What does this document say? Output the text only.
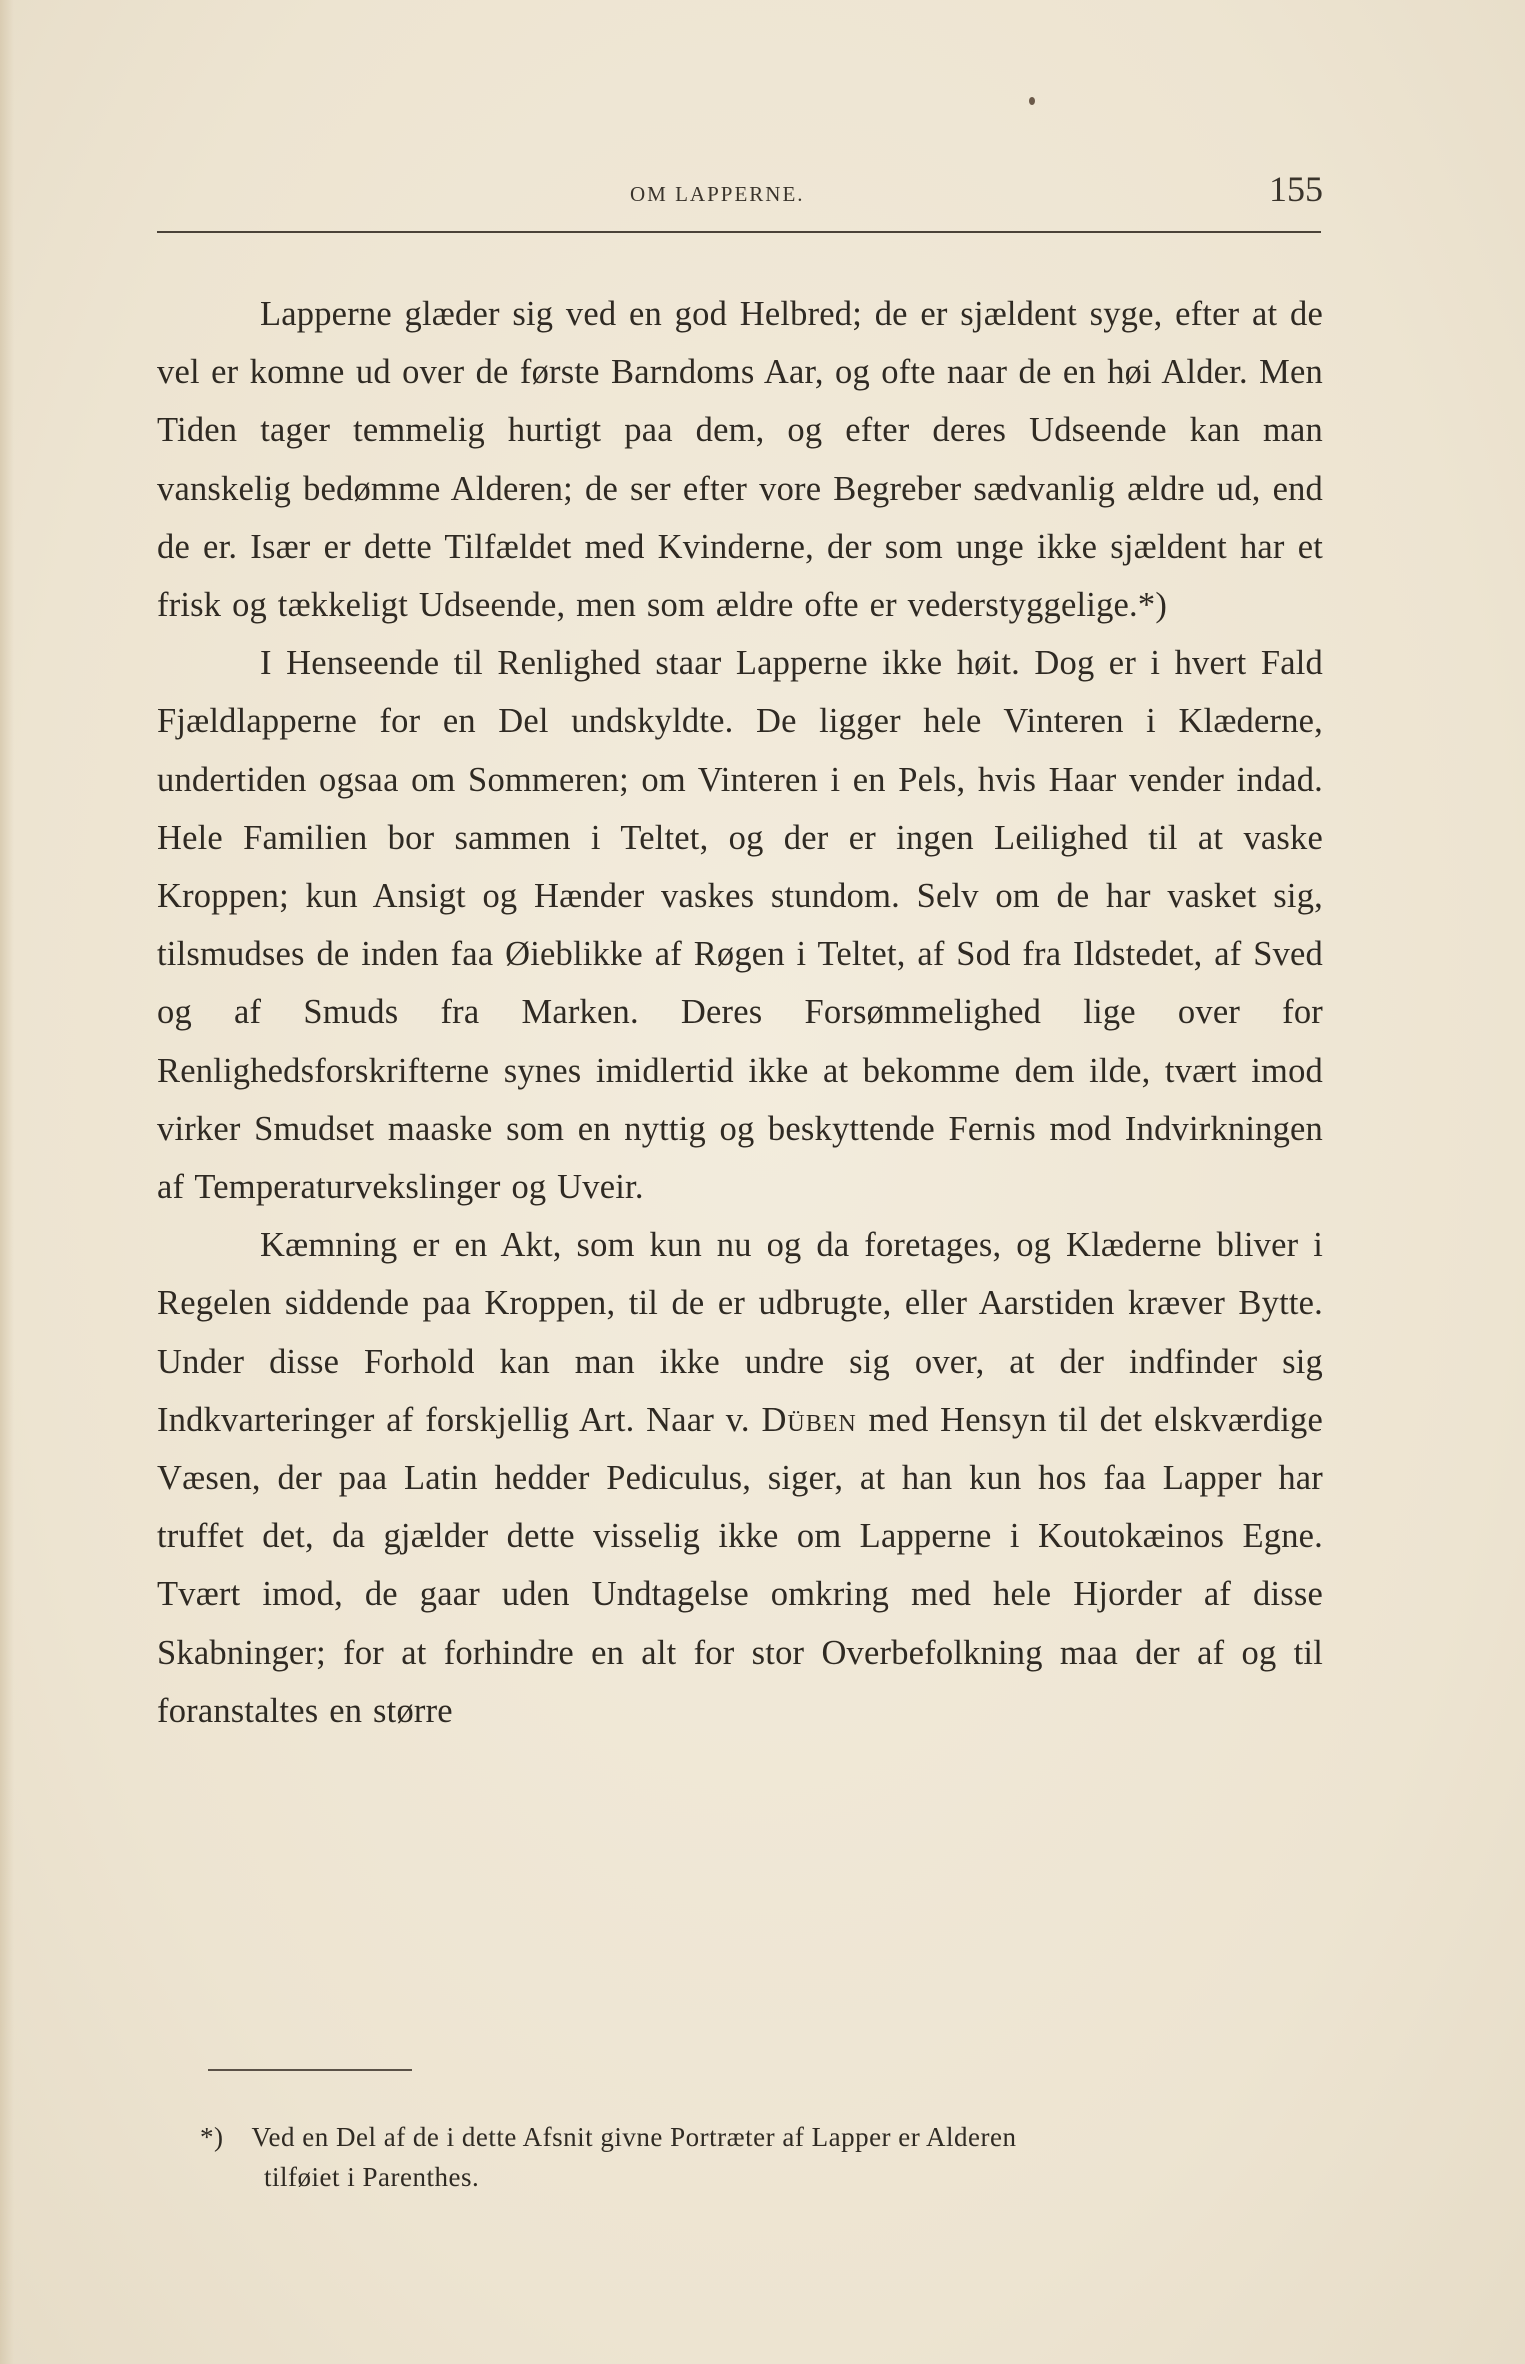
OM LAPPERNE.	155

Lapperne glæder sig ved en god Helbred; de er sjældent syge, efter at de vel er komne ud over de første Barndoms Aar, og ofte naar de en høi Alder. Men Tiden tager temmelig hurtigt paa dem, og efter deres Udseende kan man vanskelig bedømme Alderen; de ser efter vore Begreber sædvanlig ældre ud, end de er. Især er dette Tilfældet med Kvinderne, der som unge ikke sjældent har et frisk og tækkeligt Udseende, men som ældre ofte er vederstyggelige.*)

I Henseende til Renlighed staar Lapperne ikke høit. Dog er i hvert Fald Fjældlapperne for en Del undskyldte. De ligger hele Vinteren i Klæderne, undertiden ogsaa om Sommeren; om Vinteren i en Pels, hvis Haar vender indad. Hele Familien bor sammen i Teltet, og der er ingen Leilighed til at vaske Kroppen; kun Ansigt og Hænder vaskes stundom. Selv om de har vasket sig, tilsmudses de inden faa Øieblikke af Røgen i Teltet, af Sod fra Ildstedet, af Sved og af Smuds fra Marken. Deres Forsømmelighed lige over for Renlighedsforskrifterne synes imidlertid ikke at bekomme dem ilde, tvært imod virker Smudset maaske som en nyttig og beskyttende Fernis mod Indvirkningen af Temperaturvekslinger og Uveir.

Kæmning er en Akt, som kun nu og da foretages, og Klæderne bliver i Regelen siddende paa Kroppen, til de er udbrugte, eller Aarstiden kræver Bytte. Under disse Forhold kan man ikke undre sig over, at der indfinder sig Indkvarteringer af forskjellig Art. Naar v. Düben med Hensyn til det elskværdige Væsen, der paa Latin hedder Pediculus, siger, at han kun hos faa Lapper har truffet det, da gjælder dette visselig ikke om Lapperne i Koutokæinos Egne. Tvært imod, de gaar uden Undtagelse omkring med hele Hjorder af disse Skabninger; for at forhindre en alt for stor Overbefolkning maa der af og til foranstaltes en større

*) Ved en Del af de i dette Afsnit givne Portræter af Lapper er Alderen
tilføiet i Parenthes.
